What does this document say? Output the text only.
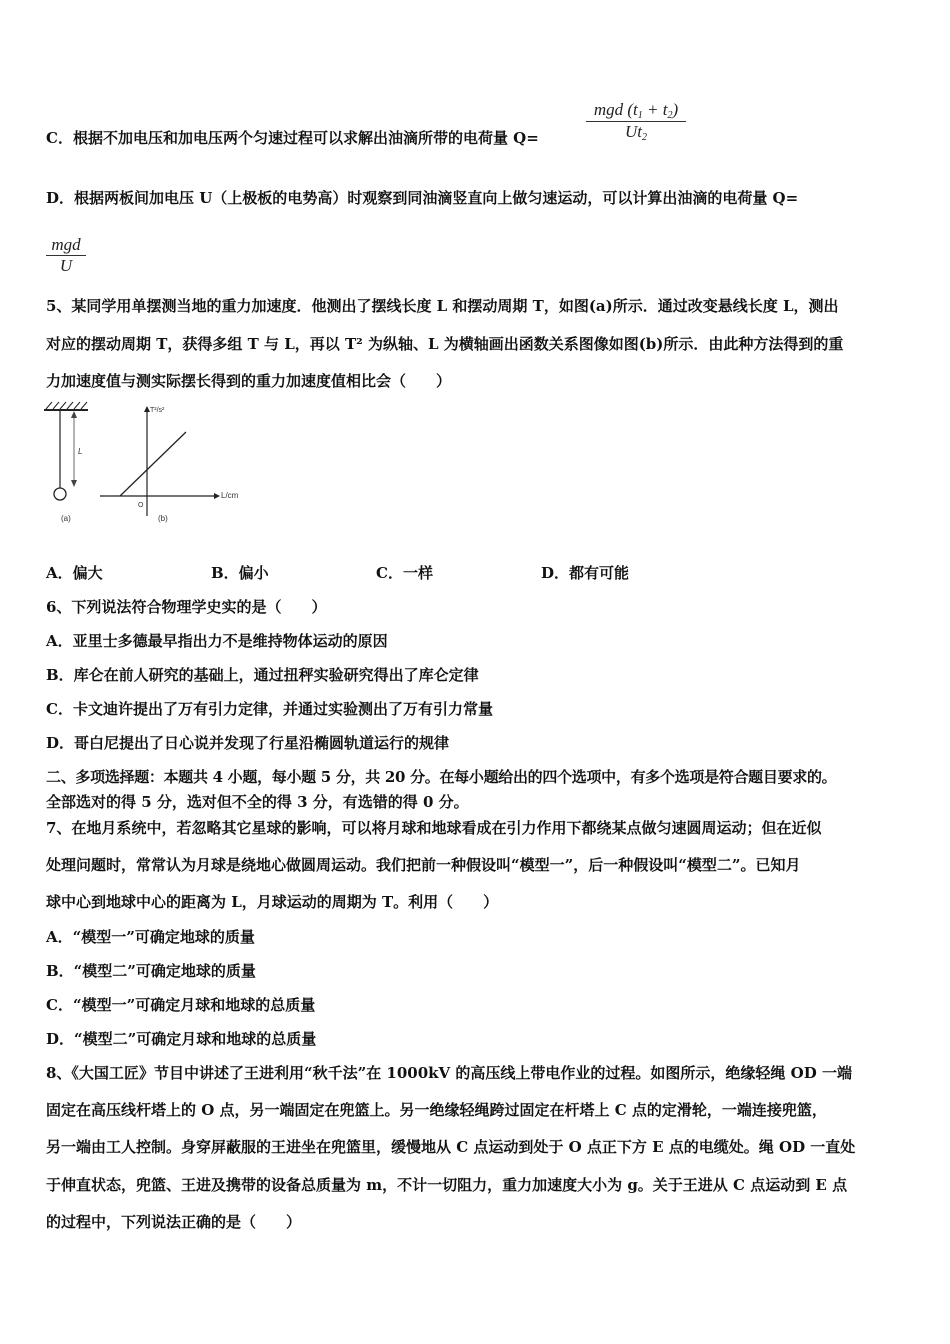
C．根据不加电压和加电压两个匀速过程可以求解出油滴所带的电荷量 Q=
mgd $(t_1 + t_2)$
$Ut_2$
D．根据两板间加电压 U（上极板的电势高）时观察到同油滴竖直向上做匀速运动，可以计算出油滴的电荷量 Q=
mgd
U
5、某同学用单摆测当地的重力加速度．他测出了摆线长度 L 和摆动周期 T，如图(a)所示．通过改变悬线长度 L，测出
对应的摆动周期 T，获得多组 T 与 L，再以 T² 为纵轴、L 为横轴画出函数关系图像如图(b)所示．由此种方法得到的重
力加速度值与测实际摆长得到的重力加速度值相比会（　　）
L
(a)
T²/s²
L/cm
O
(b)
A．偏大	B．偏小	C．一样	D．都有可能
6、下列说法符合物理学史实的是（　　）
A．亚里士多德最早指出力不是维持物体运动的原因
B．库仑在前人研究的基础上，通过扭秤实验研究得出了库仑定律
C．卡文迪许提出了万有引力定律，并通过实验测出了万有引力常量
D．哥白尼提出了日心说并发现了行星沿椭圆轨道运行的规律
二、多项选择题：本题共 4 小题，每小题 5 分，共 20 分。在每小题给出的四个选项中，有多个选项是符合题目要求的。
全部选对的得 5 分，选对但不全的得 3 分，有选错的得 0 分。
7、在地月系统中，若忽略其它星球的影响，可以将月球和地球看成在引力作用下都绕某点做匀速圆周运动；但在近似
处理问题时，常常认为月球是绕地心做圆周运动。我们把前一种假设叫“模型一”，后一种假设叫“模型二”。已知月
球中心到地球中心的距离为 L，月球运动的周期为 T。利用（　　）
A．“模型一”可确定地球的质量
B．“模型二”可确定地球的质量
C．“模型一”可确定月球和地球的总质量
D．“模型二”可确定月球和地球的总质量
8、《大国工匠》节目中讲述了王进利用“秋千法”在 1000kV 的高压线上带电作业的过程。如图所示，绝缘轻绳 OD 一端
固定在高压线杆塔上的 O 点，另一端固定在兜篮上。另一绝缘轻绳跨过固定在杆塔上 C 点的定滑轮，一端连接兜篮，
另一端由工人控制。身穿屏蔽服的王进坐在兜篮里，缓慢地从 C 点运动到处于 O 点正下方 E 点的电缆处。绳 OD 一直处
于伸直状态，兜篮、王进及携带的设备总质量为 m，不计一切阻力，重力加速度大小为 g。关于王进从 C 点运动到 E 点
的过程中，下列说法正确的是（　　）
